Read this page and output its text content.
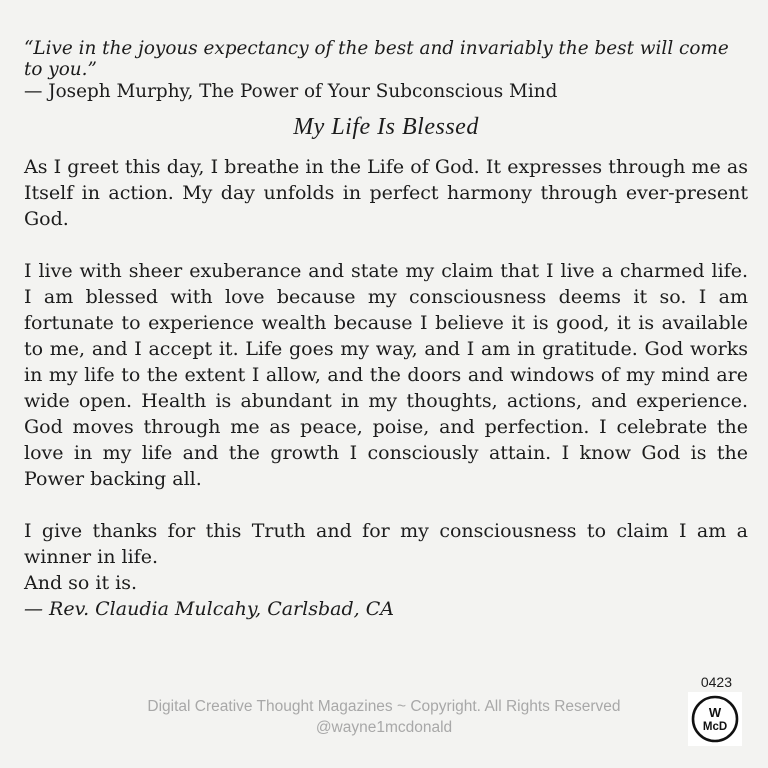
“Live in the joyous expectancy of the best and invariably the best will come to you.”

— Joseph Murphy, The Power of Your Subconscious Mind

My Life Is Blessed

As I greet this day, I breathe in the Life of God. It expresses through me as Itself in action. My day unfolds in perfect harmony through ever-present God.

I live with sheer exuberance and state my claim that I live a charmed life. I am blessed with love because my consciousness deems it so. I am fortunate to experience wealth because I believe it is good, it is available to me, and I accept it. Life goes my way, and I am in gratitude. God works in my life to the extent I allow, and the doors and windows of my mind are wide open. Health is abundant in my thoughts, actions, and experience. God moves through me as peace, poise, and perfection. I celebrate the love in my life and the growth I consciously attain. I know God is the Power backing all.

I give thanks for this Truth and for my consciousness to claim I am a winner in life.

And so it is.

— Rev. Claudia Mulcahy, Carlsbad, CA

Digital Creative Thought Magazines ~ Copyright. All Rights Reserved
@wayne1mcdonald
0423
W
McD
